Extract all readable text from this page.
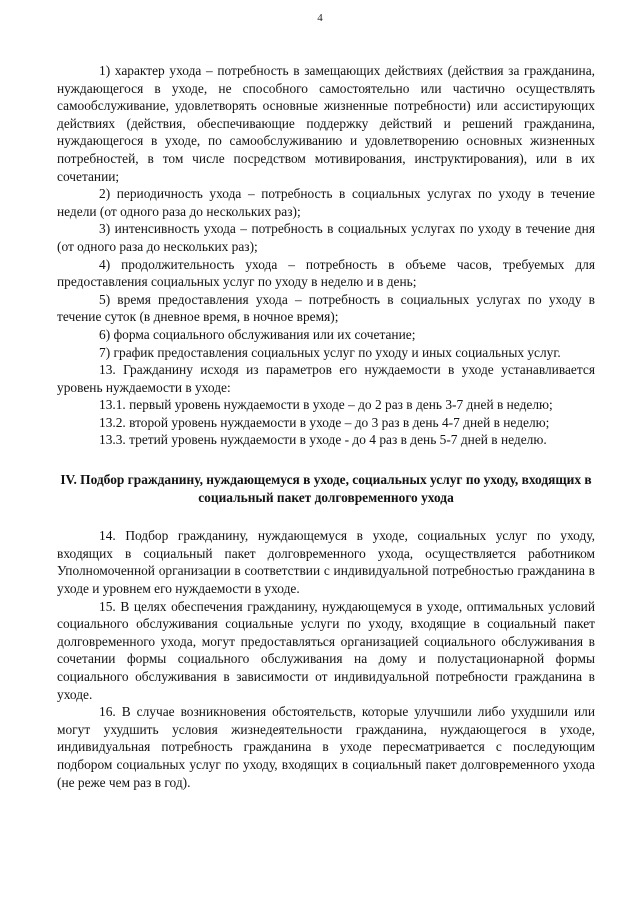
4

1) характер ухода – потребность в замещающих действиях (действия за гражданина, нуждающегося в уходе, не способного самостоятельно или частично осуществлять самообслуживание, удовлетворять основные жизненные потребности) или ассистирующих действиях (действия, обеспечивающие поддержку действий и решений гражданина, нуждающегося в уходе, по самообслуживанию и удовлетворению основных жизненных потребностей, в том числе посредством мотивирования, инструктирования), или в их сочетании;

2) периодичность ухода – потребность в социальных услугах по уходу в течение недели (от одного раза до нескольких раз);

3) интенсивность ухода – потребность в социальных услугах по уходу в течение дня (от одного раза до нескольких раз);

4) продолжительность ухода – потребность в объеме часов, требуемых для предоставления социальных услуг по уходу в неделю и в день;

5) время предоставления ухода – потребность в социальных услугах по уходу в течение суток (в дневное время, в ночное время);

6) форма социального обслуживания или их сочетание;

7) график предоставления социальных услуг по уходу и иных социальных услуг.

13. Гражданину исходя из параметров его нуждаемости в уходе устанавливается уровень нуждаемости в уходе:

13.1. первый уровень нуждаемости в уходе – до 2 раз в день 3-7 дней в неделю;

13.2. второй уровень нуждаемости в уходе – до 3 раз в день 4-7 дней в неделю;

13.3. третий уровень нуждаемости в уходе - до 4 раз в день 5-7 дней в неделю.

IV. Подбор гражданину, нуждающемуся в уходе, социальных услуг по уходу, входящих в социальный пакет долговременного ухода

14. Подбор гражданину, нуждающемуся в уходе, социальных услуг по уходу, входящих в социальный пакет долговременного ухода, осуществляется работником Уполномоченной организации в соответствии с индивидуальной потребностью гражданина в уходе и уровнем его нуждаемости в уходе.

15. В целях обеспечения гражданину, нуждающемуся в уходе, оптимальных условий социального обслуживания социальные услуги по уходу, входящие в социальный пакет долговременного ухода, могут предоставляться организацией социального обслуживания в сочетании формы социального обслуживания на дому и полустационарной формы социального обслуживания в зависимости от индивидуальной потребности гражданина в уходе.

16. В случае возникновения обстоятельств, которые улучшили либо ухудшили или могут ухудшить условия жизнедеятельности гражданина, нуждающегося в уходе, индивидуальная потребность гражданина в уходе пересматривается с последующим подбором социальных услуг по уходу, входящих в социальный пакет долговременного ухода (не реже чем раз в год).
